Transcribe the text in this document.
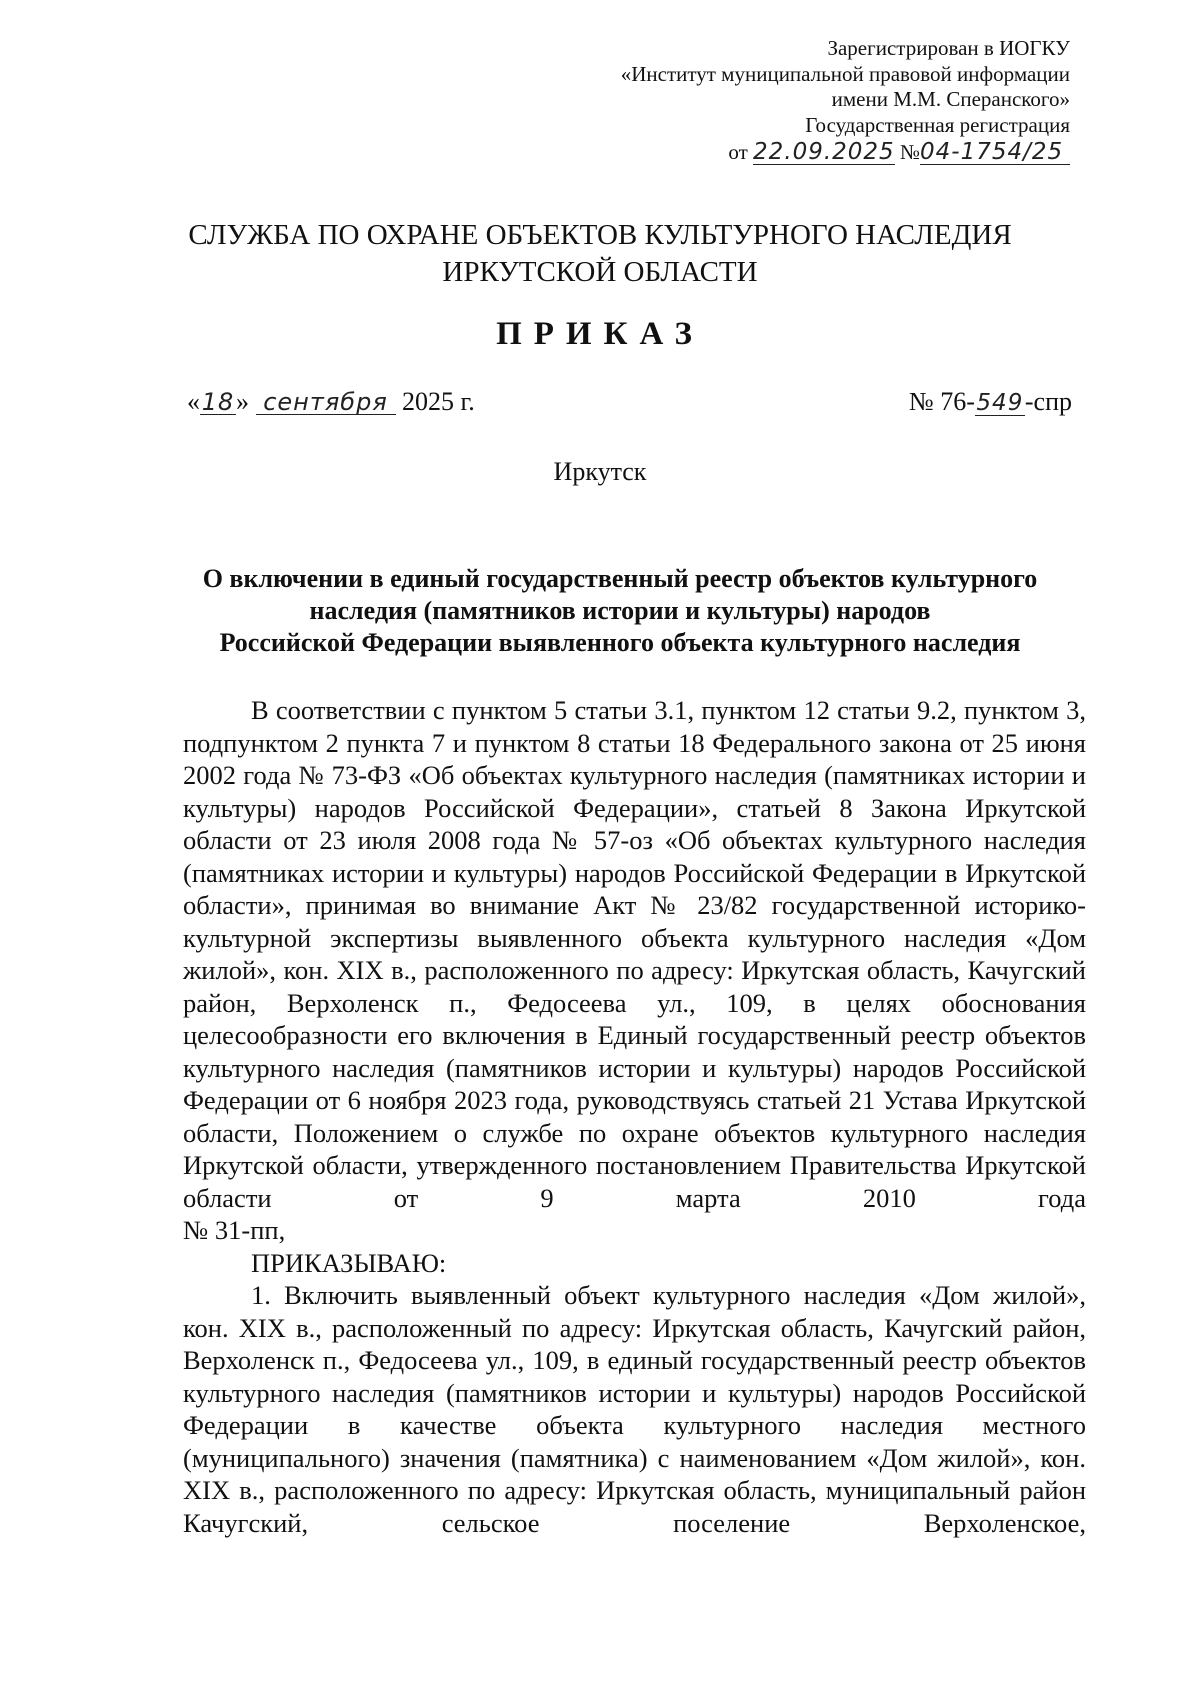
Зарегистрирован в ИОГКУ
«Институт муниципальной правовой информации
имени М.М. Сперанского»
Государственная регистрация
от 22.09.2025 №04-1754/25
СЛУЖБА ПО ОХРАНЕ ОБЪЕКТОВ КУЛЬТУРНОГО НАСЛЕДИЯ
ИРКУТСКОЙ ОБЛАСТИ
ПРИКАЗ
«18» сентября 2025 г.	№ 76-549-спр
Иркутск
О включении в единый государственный реестр объектов культурного
наследия (памятников истории и культуры) народов
Российской Федерации выявленного объекта культурного наследия

В соответствии с пунктом 5 статьи 3.1, пунктом 12 статьи 9.2, пунктом 3, подпунктом 2 пункта 7 и пунктом 8 статьи 18 Федерального закона от 25 июня 2002 года № 73-ФЗ «Об объектах культурного наследия (памятниках истории и культуры) народов Российской Федерации», статьей 8 Закона Иркутской области от 23 июля 2008 года № 57-оз «Об объектах культурного наследия (памятниках истории и культуры) народов Российской Федерации в Иркутской области», принимая во внимание Акт № 23/82 государственной историко-культурной экспертизы выявленного объекта культурного наследия «Дом жилой», кон. XIX в., расположенного по адресу: Иркутская область, Качугский район, Верхоленск п., Федосеева ул., 109, в целях обоснования целесообразности его включения в Единый государственный реестр объектов культурного наследия (памятников истории и культуры) народов Российской Федерации от 6 ноября 2023 года, руководствуясь статьей 21 Устава Иркутской области, Положением о службе по охране объектов культурного наследия Иркутской области, утвержденного постановлением Правительства Иркутской области от 9 марта 2010 года

№ 31-пп,

ПРИКАЗЫВАЮ:

1. Включить выявленный объект культурного наследия «Дом жилой», кон. XIX в., расположенный по адресу: Иркутская область, Качугский район, Верхоленск п., Федосеева ул., 109, в единый государственный реестр объектов культурного наследия (памятников истории и культуры) народов Российской Федерации в качестве объекта культурного наследия местного (муниципального) значения (памятника) с наименованием «Дом жилой», кон. XIX в., расположенного по адресу: Иркутская область, муниципальный район Качугский, сельское поселение Верхоленское,
